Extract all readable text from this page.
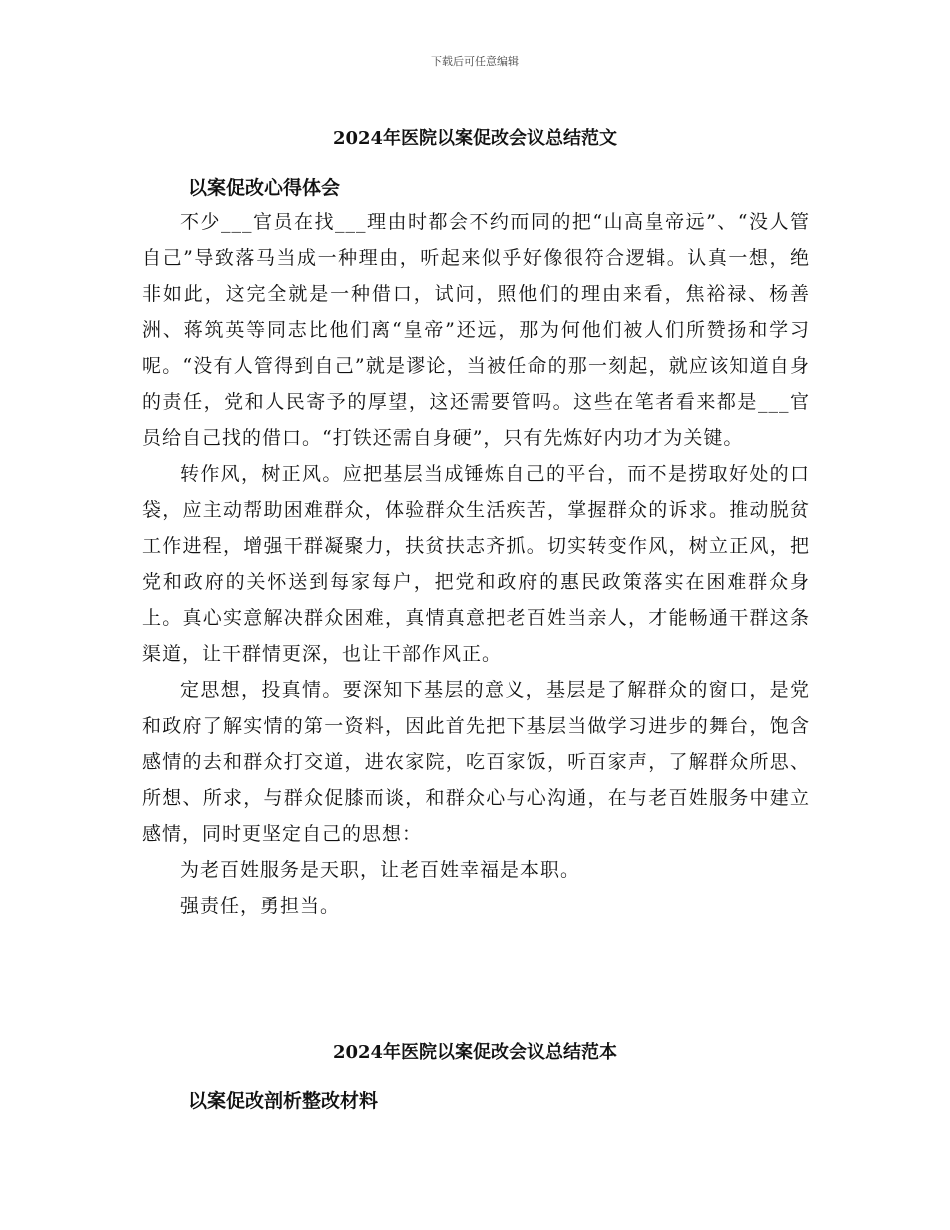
下载后可任意编辑
2024年医院以案促改会议总结范文
以案促改心得体会

不少___官员在找___理由时都会不约而同的把“山高皇帝远”、“没人管自己”导致落马当成一种理由，听起来似乎好像很符合逻辑。认真一想，绝非如此，这完全就是一种借口，试问，照他们的理由来看，焦裕禄、杨善洲、蒋筑英等同志比他们离“皇帝”还远，那为何他们被人们所赞扬和学习呢。“没有人管得到自己”就是谬论，当被任命的那一刻起，就应该知道自身的责任，党和人民寄予的厚望，这还需要管吗。这些在笔者看来都是___官员给自己找的借口。“打铁还需自身硬”，只有先炼好内功才为关键。

转作风，树正风。应把基层当成锤炼自己的平台，而不是捞取好处的口袋，应主动帮助困难群众，体验群众生活疾苦，掌握群众的诉求。推动脱贫工作进程，增强干群凝聚力，扶贫扶志齐抓。切实转变作风，树立正风，把党和政府的关怀送到每家每户，把党和政府的惠民政策落实在困难群众身上。真心实意解决群众困难，真情真意把老百姓当亲人，才能畅通干群这条渠道，让干群情更深，也让干部作风正。

定思想，投真情。要深知下基层的意义，基层是了解群众的窗口，是党和政府了解实情的第一资料，因此首先把下基层当做学习进步的舞台，饱含感情的去和群众打交道，进农家院，吃百家饭，听百家声，了解群众所思、所想、所求，与群众促膝而谈，和群众心与心沟通，在与老百姓服务中建立感情，同时更坚定自己的思想：

为老百姓服务是天职，让老百姓幸福是本职。

强责任，勇担当。

2024年医院以案促改会议总结范本
以案促改剖析整改材料
